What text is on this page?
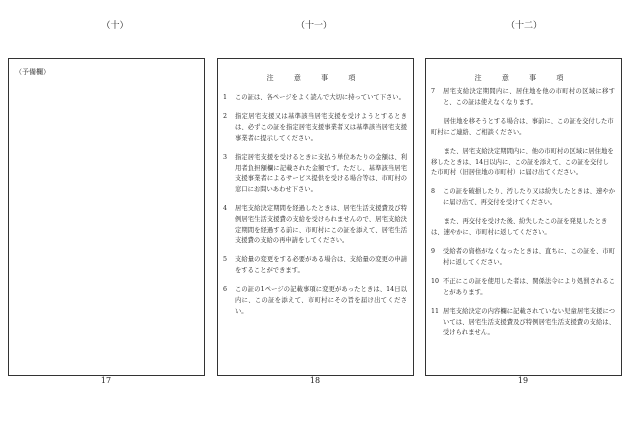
（十）	（十一）	（十二）
（予備欄）
注 意 事 項
1	この証は、各ページをよく読んで大切に持っていて下さい。
2	指定居宅支援又は基準該当居宅支援を受けようとするときは、必ずこの証を指定居宅支援事業者又は基準該当居宅支援事業者に提示してください。
3	指定居宅支援を受けるときに支払う単位あたりの金額は、利用者負担額欄に記載された金額です。ただし、基準該当居宅支援事業者によるサービス提供を受ける場合等は、市町村の窓口にお問いあわせ下さい。
4	居宅支給決定期間を経過したときは、居宅生活支援費及び特例居宅生活支援費の支給を受けられませんので、居宅支給決定期間を経過する前に、市町村にこの証を添えて、居宅生活支援費の支給の再申請をしてください。
5	支給量の変更をする必要がある場合は、支給量の変更の申請をすることができます。
6	この証の1ページの記載事項に変更があったときは、14日以内に、この証を添えて、市町村にその旨を届け出てください。
注 意 事 項
7	居宅支給決定期間内に、居住地を他の市町村の区域に移すと、この証は使えなくなります。
居住地を移そうとする場合は、事前に、この証を交付した市町村にご連絡、ご相談ください。
また、居宅支給決定期間内に、他の市町村の区域に居住地を移したときは、14日以内に、この証を添えて、この証を交付した市町村（旧居住地の市町村）に届け出てください。
8	この証を破損したり、汚したり又は紛失したときは、速やかに届け出て、再交付を受けてください。
また、再交付を受けた後、紛失したこの証を発見したときは、速やかに、市町村に返してください。
9	受給者の資格がなくなったときは、直ちに、この証を、市町村に返してください。
10 不正にこの証を使用した者は、関係法令により処罰されることがあります。
11 居宅支給決定の内容欄に記載されていない児童居宅支援については、居宅生活支援費及び特例居宅生活支援費の支給は、受けられません。
17	18	19
